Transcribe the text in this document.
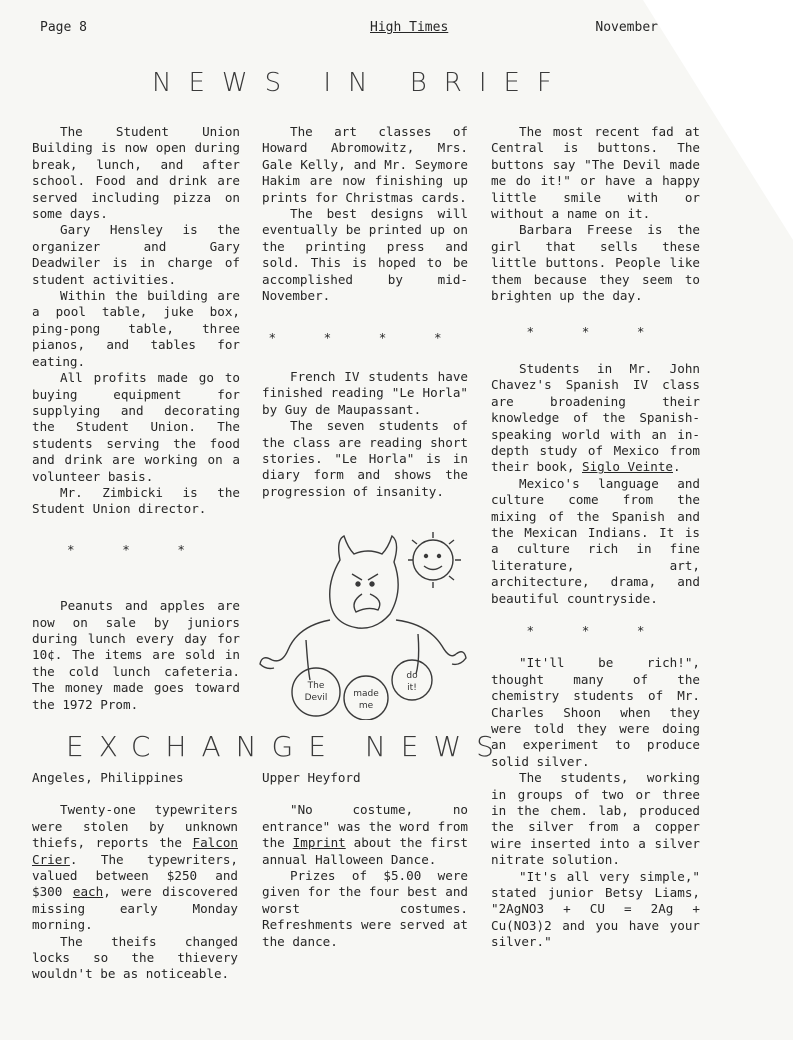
Page 8	High Times	November
NEWS IN BRIEF

The Student Union Building is now open during break, lunch, and after school. Food and drink are served including pizza on some days.

Gary Hensley is the organizer and Gary Deadwiler is in charge of student activities.

Within the building are a pool table, juke box, ping-pong table, three pianos, and tables for eating.

All profits made go to buying equipment for supplying and decorating the Student Union. The students serving the food and drink are working on a volunteer basis.

Mr. Zimbicki is the Student Union director.

* * *

Peanuts and apples are now on sale by juniors during lunch every day for 10¢. The items are sold in the cold lunch cafeteria. The money made goes toward the 1972 Prom.

The art classes of Howard Abromowitz, Mrs. Gale Kelly, and Mr. Seymore Hakim are now finishing up prints for Christmas cards.

The best designs will eventually be printed up on the printing press and sold. This is hoped to be accomplished by mid-November.

* * * *

French IV students have finished reading "Le Horla" by Guy de Maupassant.

The seven students of the class are reading short stories. "Le Horla" is in diary form and shows the progression of insanity.

The
Devil	made
me
do
it!

The most recent fad at Central is buttons. The buttons say "The Devil made me do it!" or have a happy little smile with or without a name on it.

Barbara Freese is the girl that sells these little buttons. People like them because they seem to brighten up the day.

* * *

Students in Mr. John Chavez's Spanish IV class are broadening their knowledge of the Spanish-speaking world with an in-depth study of Mexico from their book, Siglo Veinte.

Mexico's language and culture come from the mixing of the Spanish and the Mexican Indians. It is a culture rich in fine literature, art, architecture, drama, and beautiful countryside.

* * *

"It'll be rich!", thought many of the chemistry students of Mr. Charles Shoon when they were told they were doing an experiment to produce solid silver.

The students, working in groups of two or three in the chem. lab, produced the silver from a copper wire inserted into a silver nitrate solution.

"It's all very simple," stated junior Betsy Liams, "2AgNO3 + CU = 2Ag + Cu(NO3)2 and you have your silver."

EXCHANGE NEWS

Angeles, Philippines

Twenty-one typewriters were stolen by unknown thiefs, reports the Falcon Crier. The typewriters, valued between $250 and $300 each, were discovered missing early Monday morning.

The theifs changed locks so the thievery wouldn't be as noticeable.

Upper Heyford

"No costume, no entrance" was the word from the Imprint about the first annual Halloween Dance.

Prizes of $5.00 were given for the four best and worst costumes. Refreshments were served at the dance.
